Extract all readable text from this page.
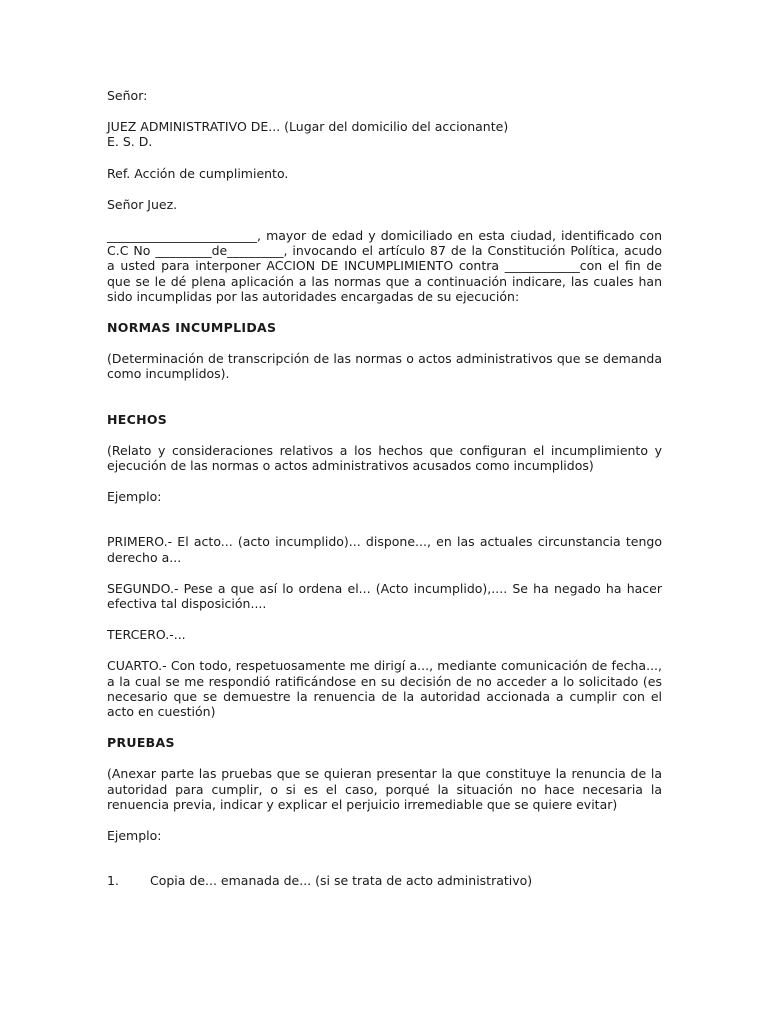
Señor:

JUEZ ADMINISTRATIVO DE... (Lugar del domicilio del accionante)

E. S. D.

Ref. Acción de cumplimiento.

Señor Juez.

________________________, mayor de edad y domiciliado en esta ciudad, identificado con C.C No _________de_________, invocando el artículo 87 de la Constitución Política, acudo a usted para interponer ACCION DE INCUMPLIMIENTO contra ____________con el fin de que se le dé plena aplicación a las normas que a continuación indicare, las cuales han sido incumplidas por las autoridades encargadas de su ejecución:

NORMAS INCUMPLIDAS

(Determinación de transcripción de las normas o actos administrativos que se demanda como incumplidos).

HECHOS

(Relato y consideraciones relativos a los hechos que configuran el incumplimiento y ejecución de las normas o actos administrativos acusados como incumplidos)

Ejemplo:

PRIMERO.- El acto... (acto incumplido)... dispone..., en las actuales circunstancia tengo derecho a...

SEGUNDO.- Pese a que así lo ordena el... (Acto incumplido),.... Se ha negado ha hacer efectiva tal disposición....

TERCERO.-...

CUARTO.- Con todo, respetuosamente me dirigí a..., mediante comunicación de fecha..., a la cual se me respondió ratificándose en su decisión de no acceder a lo solicitado (es necesario que se demuestre la renuencia de la autoridad accionada a cumplir con el acto en cuestión)

PRUEBAS

(Anexar parte las pruebas que se quieran presentar la que constituye la renuncia de la autoridad para cumplir, o si es el caso, porqué la situación no hace necesaria la renuencia previa, indicar y explicar el perjuicio irremediable que se quiere evitar)

Ejemplo:

1.	Copia de... emanada de... (si se trata de acto administrativo)
